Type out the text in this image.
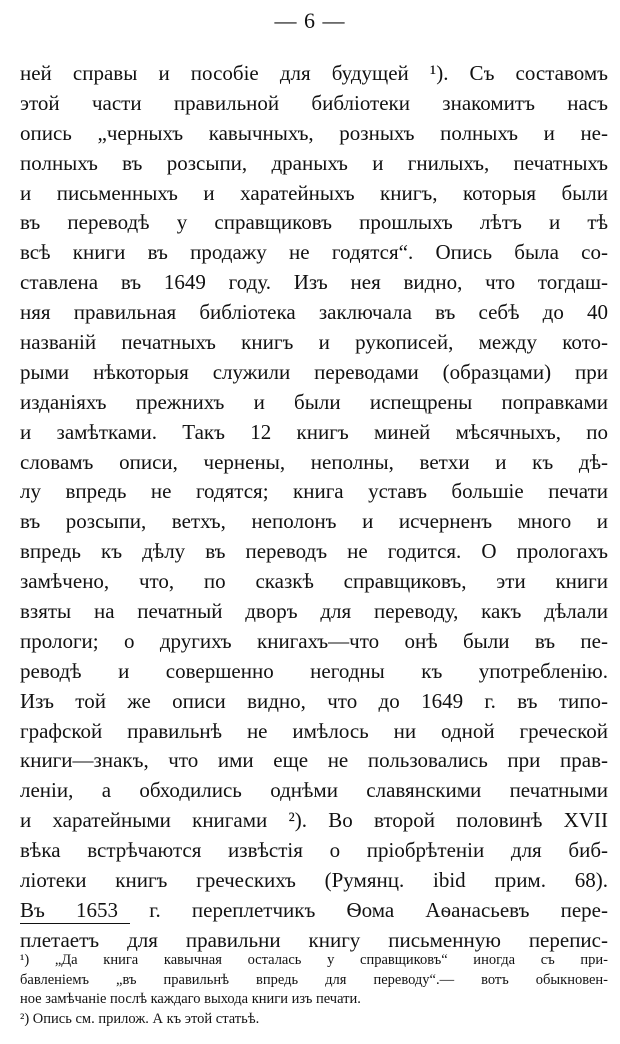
— 6 —
ней справы и пособіе для будущей ¹). Съ составомъ
этой части правильной библіотеки знакомитъ насъ
опись „черныхъ кавычныхъ, розныхъ полныхъ и не-
полныхъ въ розсыпи, драныхъ и гнилыхъ, печатныхъ
и письменныхъ и харатейныхъ книгъ, которыя были
въ переводѣ у справщиковъ прошлыхъ лѣтъ и тѣ
всѣ книги въ продажу не годятся“. Опись была со-
ставлена въ 1649 году. Изъ нея видно, что тогдаш-
няя правильная библіотека заключала въ себѣ до 40
названій печатныхъ книгъ и рукописей, между кото-
рыми нѣкоторыя служили переводами (образцами) при
изданіяхъ прежнихъ и были испещрены поправками
и замѣтками. Такъ 12 книгъ миней мѣсячныхъ, по
словамъ описи, чернены, неполны, ветхи и къ дѣ-
лу впредь не годятся; книга уставъ большіе печати
въ розсыпи, ветхъ, неполонъ и исчерненъ много и
впредь къ дѣлу въ переводъ не годится. О прологахъ
замѣчено, что, по сказкѣ справщиковъ, эти книги
взяты на печатный дворъ для переводу, какъ дѣлали
прологи; о другихъ книгахъ—что онѣ были въ пе-
реводѣ и совершенно негодны къ употребленію.
Изъ той же описи видно, что до 1649 г. въ типо-
графской правильнѣ не имѣлось ни одной греческой
книги—знакъ, что ими еще не пользовались при прав-
леніи, а обходились однѣми славянскими печатными
и харатейными книгами ²). Во второй половинѣ XVII
вѣка встрѣчаются извѣстія о пріобрѣтеніи для биб-
ліотеки книгъ греческихъ (Румянц. ibid прим. 68).
Въ 1653 г. переплетчикъ Ѳома Аѳанасьевъ пере-
плетаетъ для правильни книгу письменную перепис-
¹) „Да книга кавычная осталась у справщиковъ“ иногда съ при-
бавленіемъ „въ правильнѣ впредь для переводу“.— вотъ обыкновен-
ное замѣчаніе послѣ каждаго выхода книги изъ печати.
²) Опись см. прилож. А къ этой статьѣ.
